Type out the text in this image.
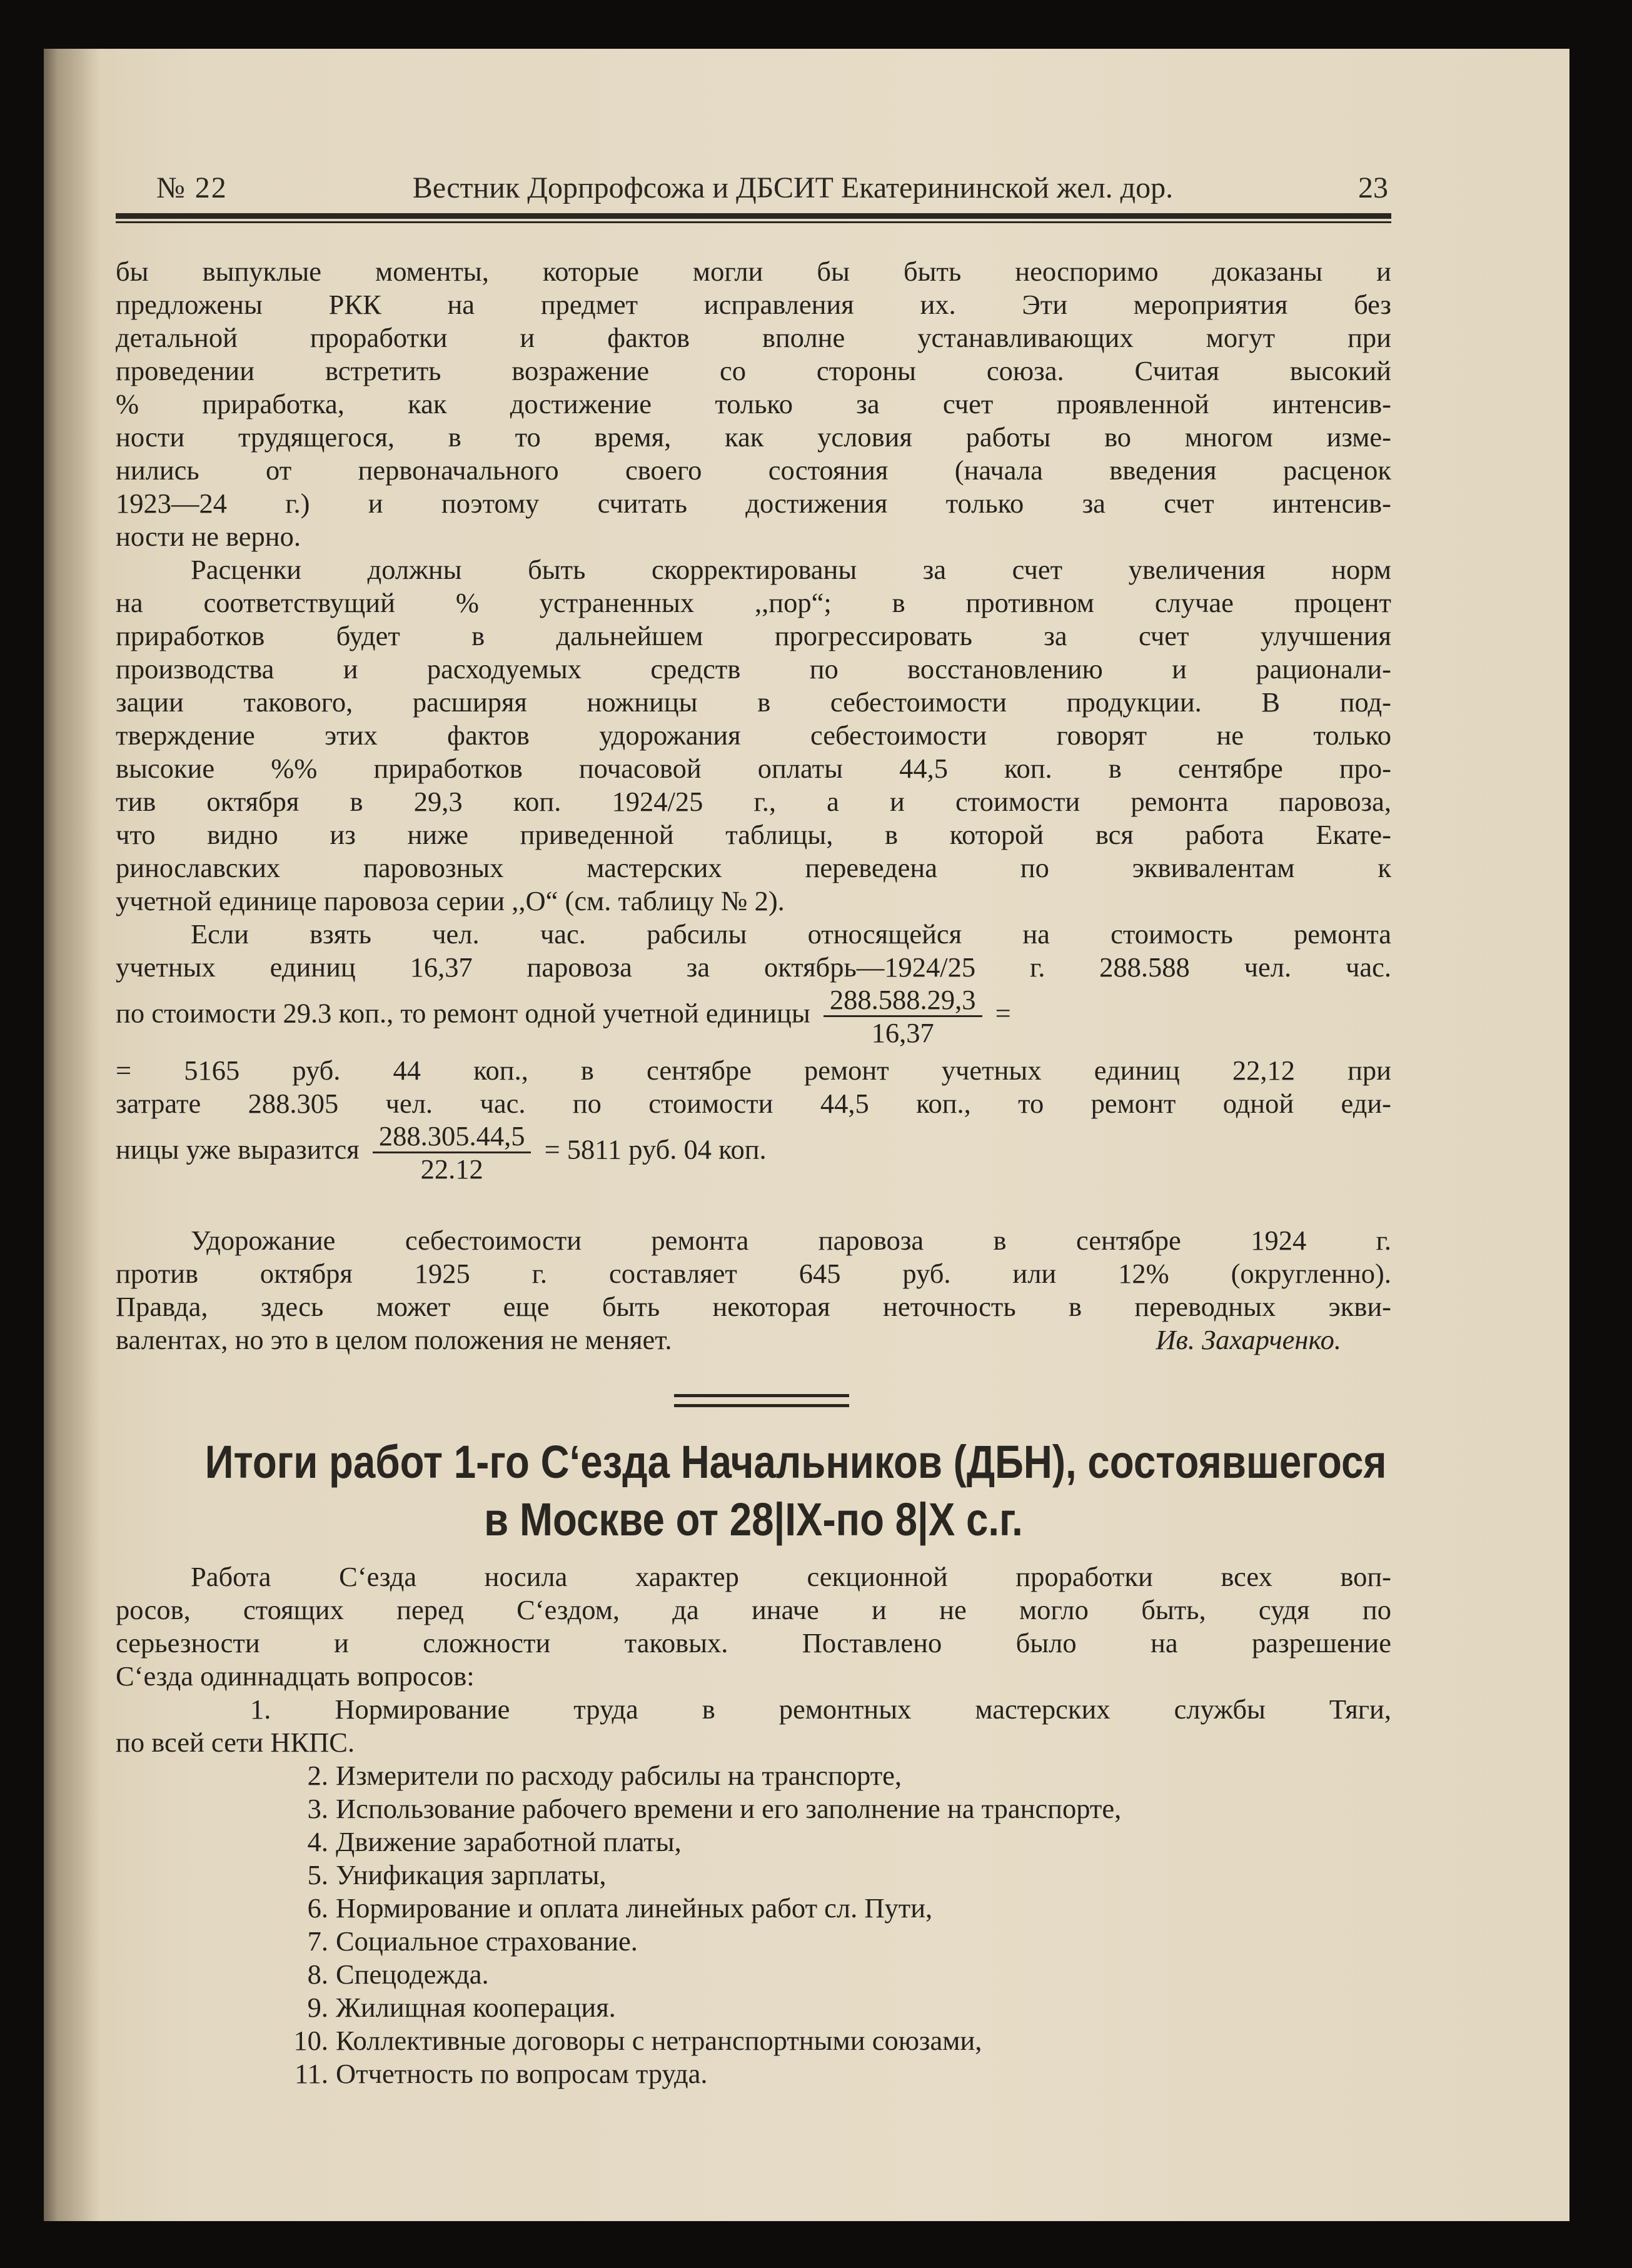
№ 22	Вестник Дорпрофсожа и ДБСИТ Екатерининской жел. дор.	23
бы выпуклые моменты, которые могли бы быть неоспоримо доказаны и
предложены РКК на предмет исправления их. Эти мероприятия без
детальной проработки и фактов вполне устанавливающих могут при
проведении встретить возражение со стороны союза. Считая высокий
% приработка, как достижение только за счет проявленной интенсив-
ности трудящегося, в то время, как условия работы во многом изме-
нились от первоначального своего состояния (начала введения расценок
1923—24 г.) и поэтому считать достижения только за счет интенсив-
ности не верно.
Расценки должны быть скорректированы за счет увеличения норм
на соответствущий % устраненных ,,пор“; в противном случае процент
приработков будет в дальнейшем прогрессировать за счет улучшения
производства и расходуемых средств по восстановлению и рационали-
зации такового, расширяя ножницы в себестоимости продукции. В под-
тверждение этих фактов удорожания себестоимости говорят не только
высокие %% приработков почасовой оплаты 44,5 коп. в сентябре про-
тив октября в 29,3 коп. 1924/25 г., а и стоимости ремонта паровоза,
что видно из ниже приведенной таблицы, в которой вся работа Екате-
ринославских паровозных мастерских переведена по эквивалентам к
учетной единице паровоза серии ,,О“ (см. таблицу № 2).
Если взять чел. час. рабсилы относящейся на стоимость ремонта
учетных единиц 16,37 паровоза за октябрь—1924/25 г. 288.588 чел. час.
по стоимости 29.3 коп., то ремонт одной учетной единицы $\frac{288.588.29,3}{16,37}$ =
= 5165 руб. 44 коп., в сентябре ремонт учетных единиц 22,12 при
затрате 288.305 чел. час. по стоимости 44,5 коп., то ремонт одной еди-
ницы уже выразится $\frac{288.305.44,5}{22.12} = 5811$ руб. 04 коп.
Удорожание себестоимости ремонта паровоза в сентябре 1924 г.
против октября 1925 г. составляет 645 руб. или 12% (округленно).
Правда, здесь может еще быть некоторая неточность в переводных экви-
валентах, но это в целом положения не меняет.	Ив. Захарченко.
Итоги работ 1-го С‘езда Начальников (ДБН), состоявшегося
в Москве от 28|IX-по 8|Х с.г.
Работа С‘езда носила характер секционной проработки всех воп-
росов, стоящих перед С‘ездом, да иначе и не могло быть, судя по
серьезности и сложности таковых. Поставлено было на разрешение
С‘езда одиннадцать вопросов:
1. Нормирование труда в ремонтных мастерских службы Тяги,
по всей сети НКПС.
2. Измерители по расходу рабсилы на транспорте,
3. Использование рабочего времени и его заполнение на транспорте,
4. Движение заработной платы,
5. Унификация зарплаты,
6. Нормирование и оплата линейных работ сл. Пути,
7. Социальное страхование.
8. Спецодежда.
9. Жилищная кооперация.
10. Коллективные договоры с нетранспортными союзами,
11. Отчетность по вопросам труда.
